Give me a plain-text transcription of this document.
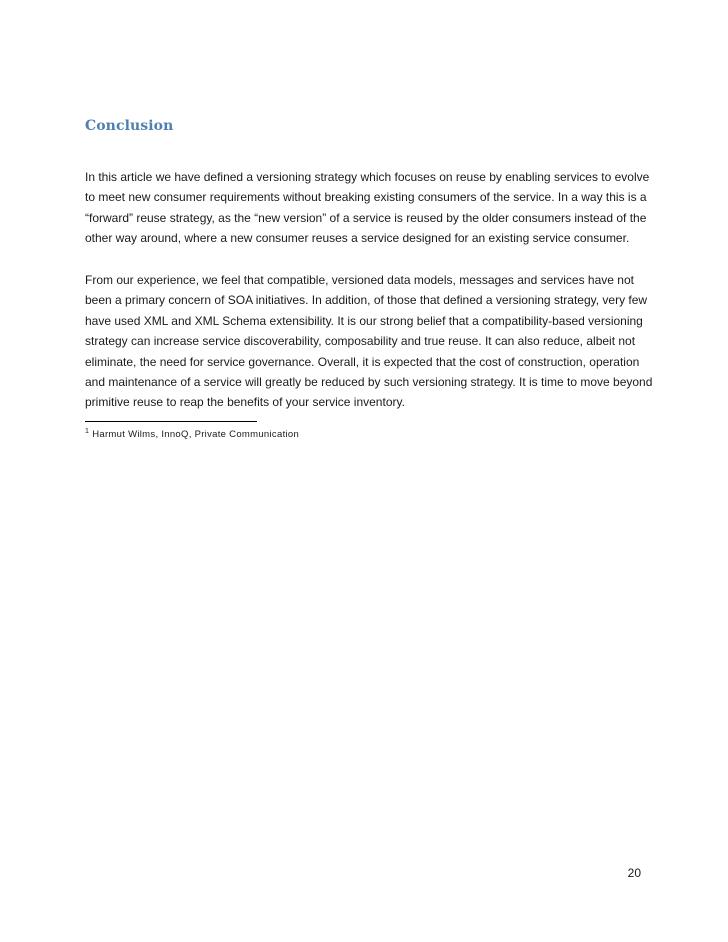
Conclusion

In this article we have defined a versioning strategy which focuses on reuse by enabling services to evolve to meet new consumer requirements without breaking existing consumers of the service. In a way this is a “forward” reuse strategy, as the “new version” of a service is reused by the older consumers instead of the other way around, where a new consumer reuses a service designed for an existing service consumer.

From our experience, we feel that compatible, versioned data models, messages and services have not been a primary concern of SOA initiatives. In addition, of those that defined a versioning strategy, very few have used XML and XML Schema extensibility. It is our strong belief that a compatibility-based versioning strategy can increase service discoverability, composability and true reuse. It can also reduce, albeit not eliminate, the need for service governance. Overall, it is expected that the cost of construction, operation and maintenance of a service will greatly be reduced by such versioning strategy. It is time to move beyond primitive reuse to reap the benefits of your service inventory.

$^1$ Harmut Wilms, InnoQ, Private Communication

20
